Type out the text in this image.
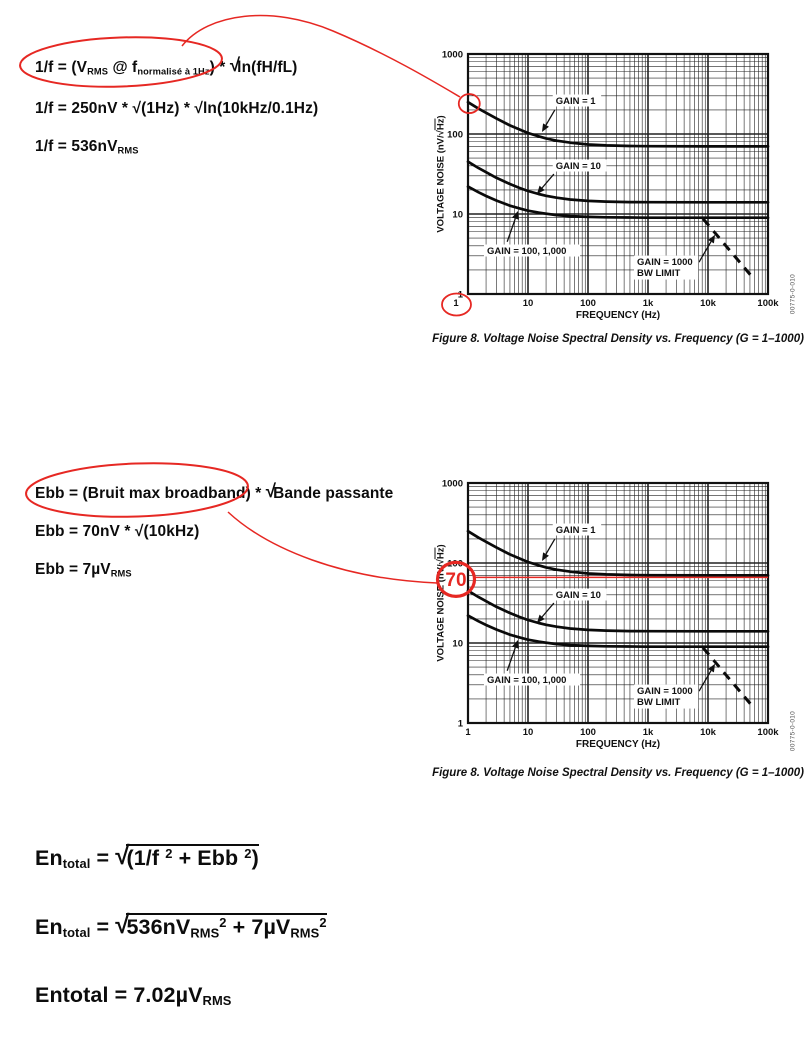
1/f = (VRMS @ fnormalisé à 1Hz) * √ln(fH/fL)
1/f = 250nV * √(1Hz) * √ln(10kHz/0.1Hz)
1/f = 536nVRMS
Ebb = (Bruit max broadband) * √Bande passante
Ebb = 70nV * √(10kHz)
Ebb = 7µVRMS
Entotal = √(1/f $^2$ + Ebb $^2$)
Entotal = √536nVRMS$^2$ + 7µVRMS$^2$
Entotal = 7.02µVRMS
1000
100
10
1
1	10	100	1k	10k	100k
FREQUENCY (Hz)
GAIN = 1
GAIN = 10
GAIN = 100, 1,000
GAIN = 1000
BW LIMIT
VOLTAGE NOISE (nV/√Hz)
00775-0-010
Figure 8. Voltage Noise Spectral Density vs. Frequency (G = 1–1000)
1000
100
10
1
1	10	100	1k	10k	100k
FREQUENCY (Hz)
GAIN = 1
GAIN = 10
GAIN = 100, 1,000
GAIN = 1000
BW LIMIT
VOLTAGE NOISE (nV/√Hz)
00775-0-010
Figure 8. Voltage Noise Spectral Density vs. Frequency (G = 1–1000)
70
